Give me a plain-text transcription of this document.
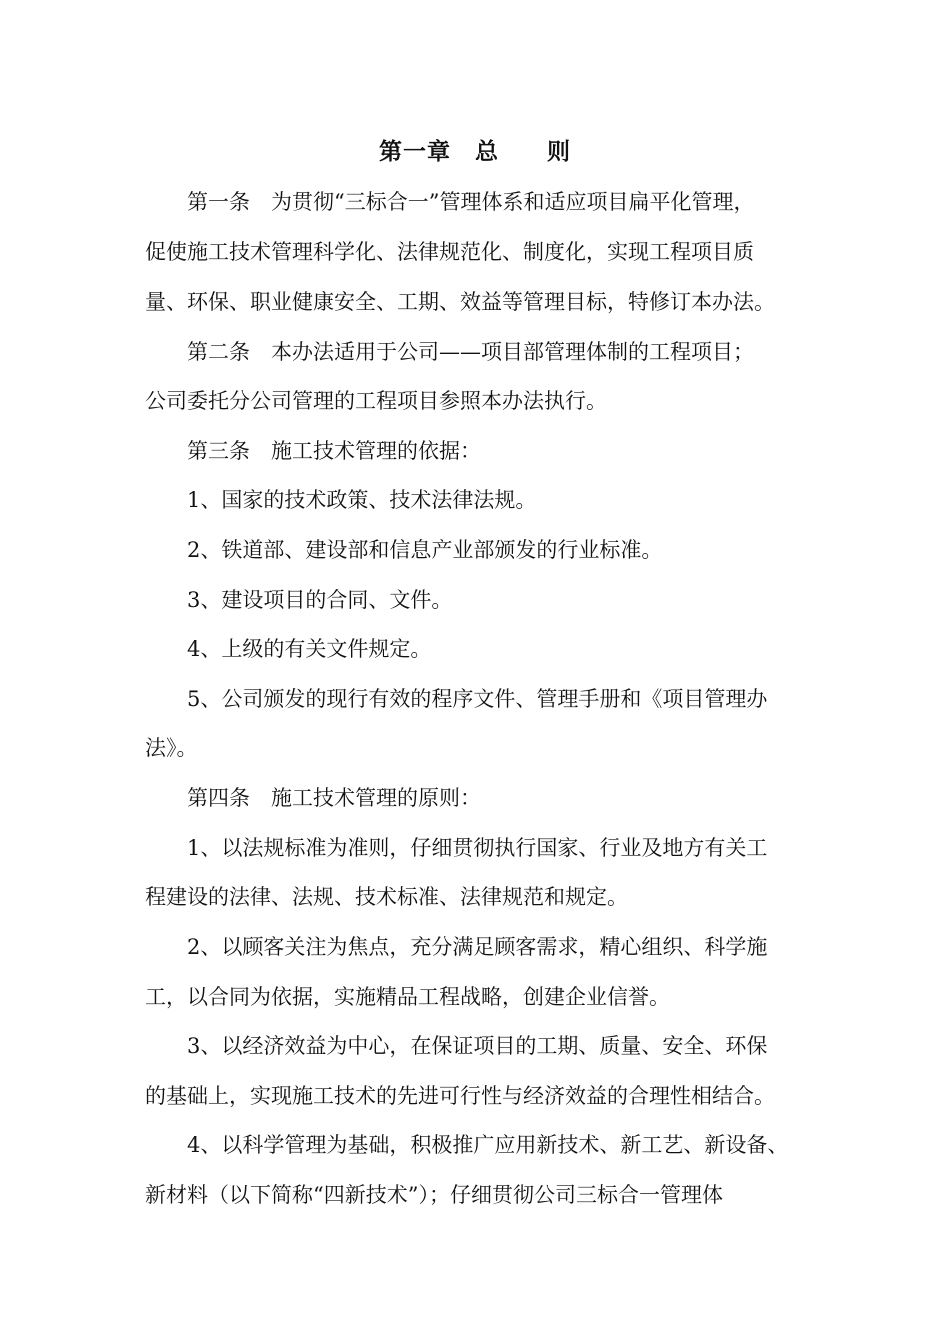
第一章　总　　则
第一条　为贯彻“三标合一”管理体系和适应项目扁平化管理，
促使施工技术管理科学化、法律规范化、制度化，实现工程项目质
量、环保、职业健康安全、工期、效益等管理目标，特修订本办法。
第二条　本办法适用于公司——项目部管理体制的工程项目；
公司委托分公司管理的工程项目参照本办法执行。
第三条　施工技术管理的依据：
1、国家的技术政策、技术法律法规。
2、铁道部、建设部和信息产业部颁发的行业标准。
3、建设项目的合同、文件。
4、上级的有关文件规定。
5、公司颁发的现行有效的程序文件、管理手册和《项目管理办
法》。
第四条　施工技术管理的原则：
1、以法规标准为准则，仔细贯彻执行国家、行业及地方有关工
程建设的法律、法规、技术标准、法律规范和规定。
2、以顾客关注为焦点，充分满足顾客需求，精心组织、科学施
工，以合同为依据，实施精品工程战略，创建企业信誉。
3、以经济效益为中心，在保证项目的工期、质量、安全、环保
的基础上，实现施工技术的先进可行性与经济效益的合理性相结合。
4、以科学管理为基础，积极推广应用新技术、新工艺、新设备、
新材料（以下简称“四新技术”）；仔细贯彻公司三标合一管理体
